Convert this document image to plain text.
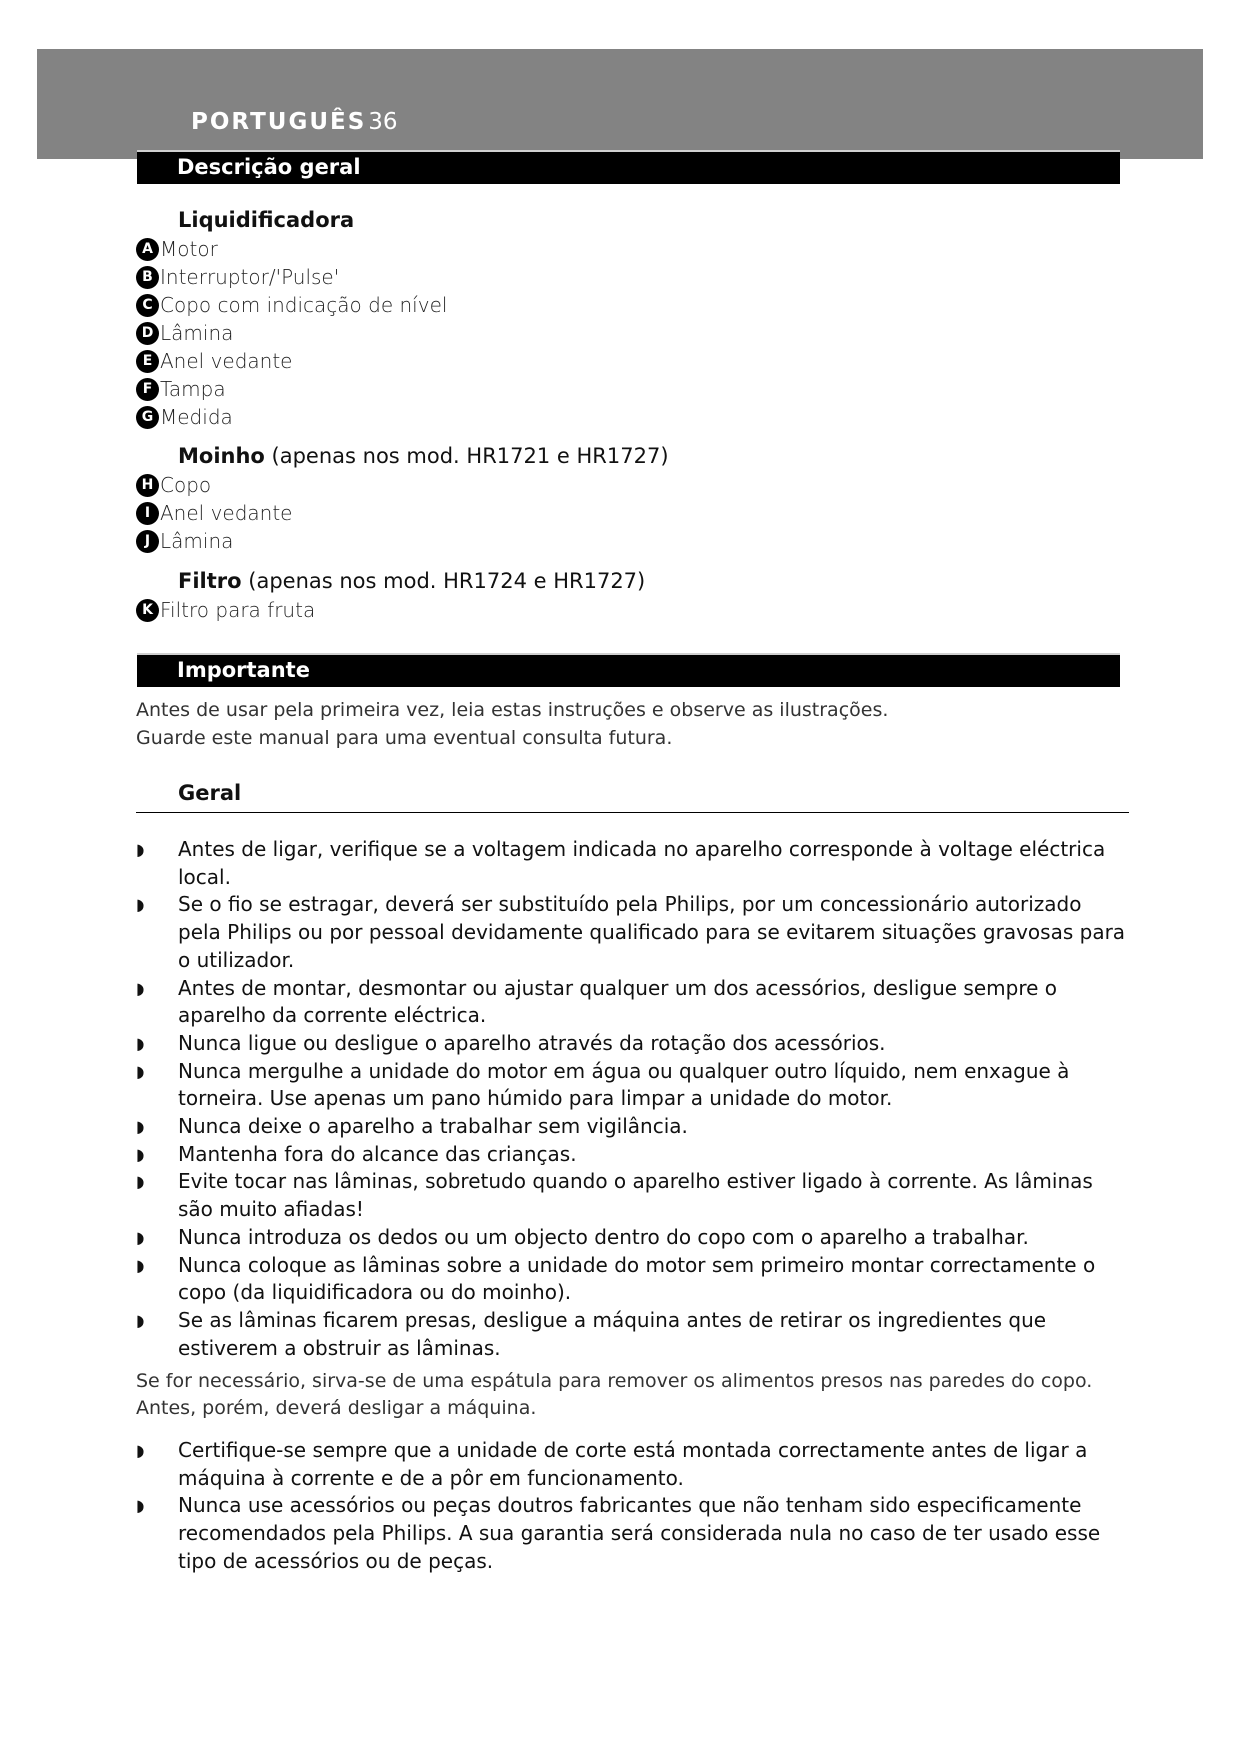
PORTUGUÊS36
Descrição geral
Liquidificadora
A Motor
B Interruptor/'Pulse'
C Copo com indicação de nível
D Lâmina
E Anel vedante
F Tampa
G Medida
Moinho (apenas nos mod. HR1721 e HR1727)
H Copo
I Anel vedante
J Lâmina
Filtro (apenas nos mod. HR1724 e HR1727)
K Filtro para fruta
Importante

Antes de usar pela primeira vez, leia estas instruções e observe as ilustrações.

Guarde este manual para uma eventual consulta futura.

Geral
◗ Antes de ligar, verifique se a voltagem indicada no aparelho corresponde à voltage eléctrica local.
◗ Se o fio se estragar, deverá ser substituído pela Philips, por um concessionário autorizado pela Philips ou por pessoal devidamente qualificado para se evitarem situações gravosas para o utilizador.
◗ Antes de montar, desmontar ou ajustar qualquer um dos acessórios, desligue sempre o aparelho da corrente eléctrica.
◗ Nunca ligue ou desligue o aparelho através da rotação dos acessórios.
◗ Nunca mergulhe a unidade do motor em água ou qualquer outro líquido, nem enxague à torneira. Use apenas um pano húmido para limpar a unidade do motor.
◗ Nunca deixe o aparelho a trabalhar sem vigilância.
◗ Mantenha fora do alcance das crianças.
◗ Evite tocar nas lâminas, sobretudo quando o aparelho estiver ligado à corrente. As lâminas são muito afiadas!
◗ Nunca introduza os dedos ou um objecto dentro do copo com o aparelho a trabalhar.
◗ Nunca coloque as lâminas sobre a unidade do motor sem primeiro montar correctamente o copo (da liquidificadora ou do moinho).
◗ Se as lâminas ficarem presas, desligue a máquina antes de retirar os ingredientes que estiverem a obstruir as lâminas.

Se for necessário, sirva-se de uma espátula para remover os alimentos presos nas paredes do copo.

Antes, porém, deverá desligar a máquina.

◗ Certifique-se sempre que a unidade de corte está montada correctamente antes de ligar a máquina à corrente e de a pôr em funcionamento.
◗ Nunca use acessórios ou peças doutros fabricantes que não tenham sido especificamente recomendados pela Philips. A sua garantia será considerada nula no caso de ter usado esse tipo de acessórios ou de peças.
